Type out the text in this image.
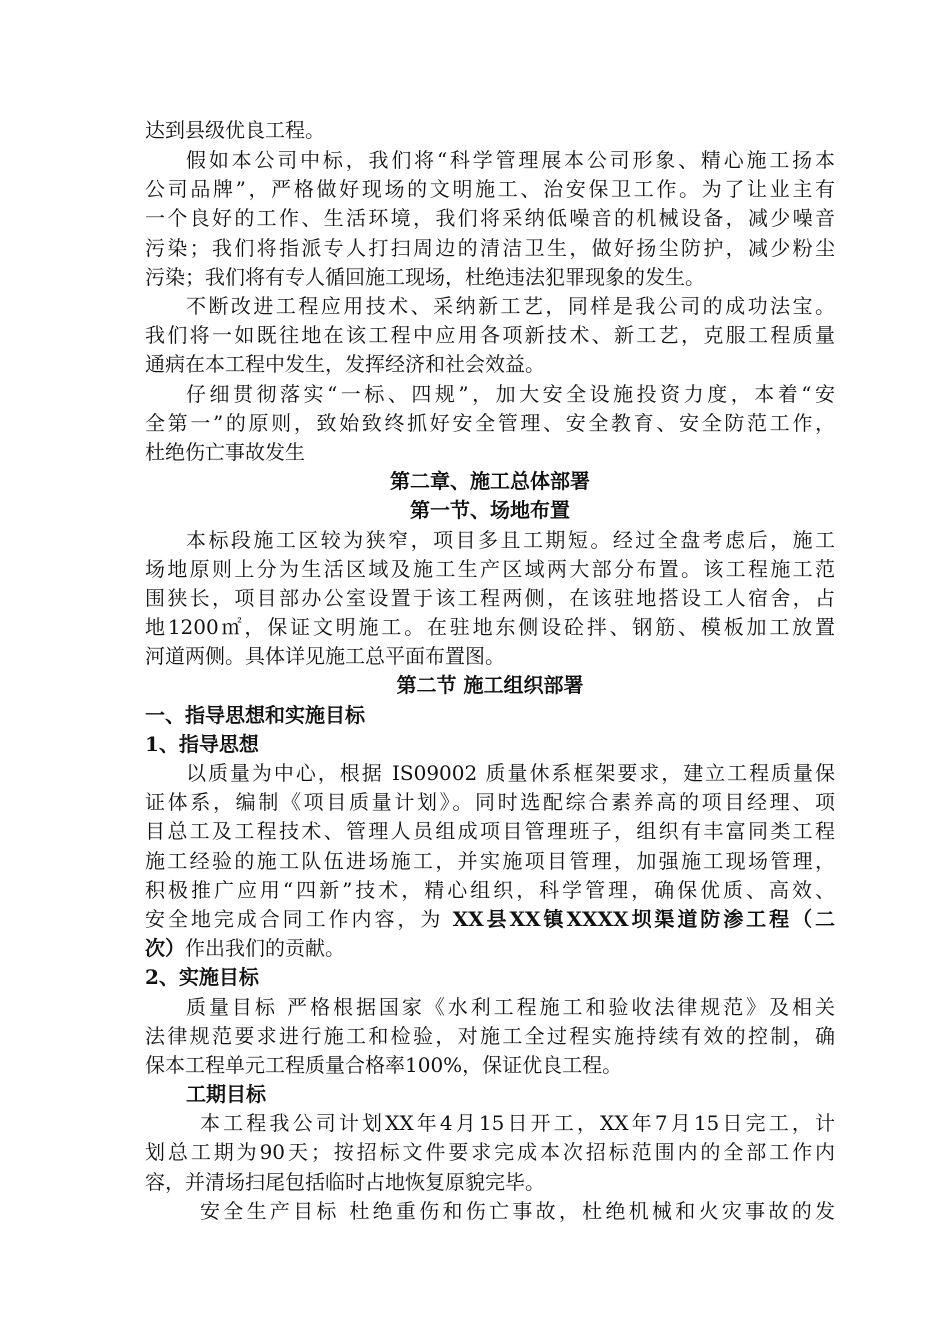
达到县级优良工程。
假如本公司中标，我们将“科学管理展本公司形象、精心施工扬本
公司品牌”，严格做好现场的文明施工、治安保卫工作。为了让业主有
一个良好的工作、生活环境，我们将采纳低噪音的机械设备，减少噪音
污染；我们将指派专人打扫周边的清洁卫生，做好扬尘防护，减少粉尘
污染；我们将有专人循回施工现场，杜绝违法犯罪现象的发生。
不断改进工程应用技术、采纳新工艺，同样是我公司的成功法宝。
我们将一如既往地在该工程中应用各项新技术、新工艺，克服工程质量
通病在本工程中发生，发挥经济和社会效益。
仔细贯彻落实“一标、四规”，加大安全设施投资力度，本着“安
全第一”的原则，致始致终抓好安全管理、安全教育、安全防范工作，
杜绝伤亡事故发生
第二章、施工总体部署
第一节、场地布置
本标段施工区较为狭窄，项目多且工期短。经过全盘考虑后，施工
场地原则上分为生活区域及施工生产区域两大部分布置。该工程施工范
围狭长，项目部办公室设置于该工程两侧，在该驻地搭设工人宿舍，占
地1200㎡，保证文明施工。在驻地东侧设砼拌、钢筋、模板加工放置
河道两侧。具体详见施工总平面布置图。
第二节 施工组织部署
一、指导思想和实施目标
1、指导思想
以质量为中心，根据 IS09002 质量休系框架要求，建立工程质量保
证体系，编制《项目质量计划》。同时选配综合素养高的项目经理、项
目总工及工程技术、管理人员组成项目管理班子，组织有丰富同类工程
施工经验的施工队伍进场施工，并实施项目管理，加强施工现场管理，
积极推广应用“四新”技术，精心组织，科学管理，确保优质、高效、
安全地完成合同工作内容，为 XX县XX镇XXXX坝渠道防渗工程（二
次）作出我们的贡献。
2、实施目标
质量目标 严格根据国家《水利工程施工和验收法律规范》及相关
法律规范要求进行施工和检验，对施工全过程实施持续有效的控制，确
保本工程单元工程质量合格率100%，保证优良工程。
工期目标
本工程我公司计划XX年4月15日开工，XX年7月15日完工，计
划总工期为90天；按招标文件要求完成本次招标范围内的全部工作内
容，并清场扫尾包括临时占地恢复原貌完毕。
安全生产目标 杜绝重伤和伤亡事故，杜绝机械和火灾事故的发
